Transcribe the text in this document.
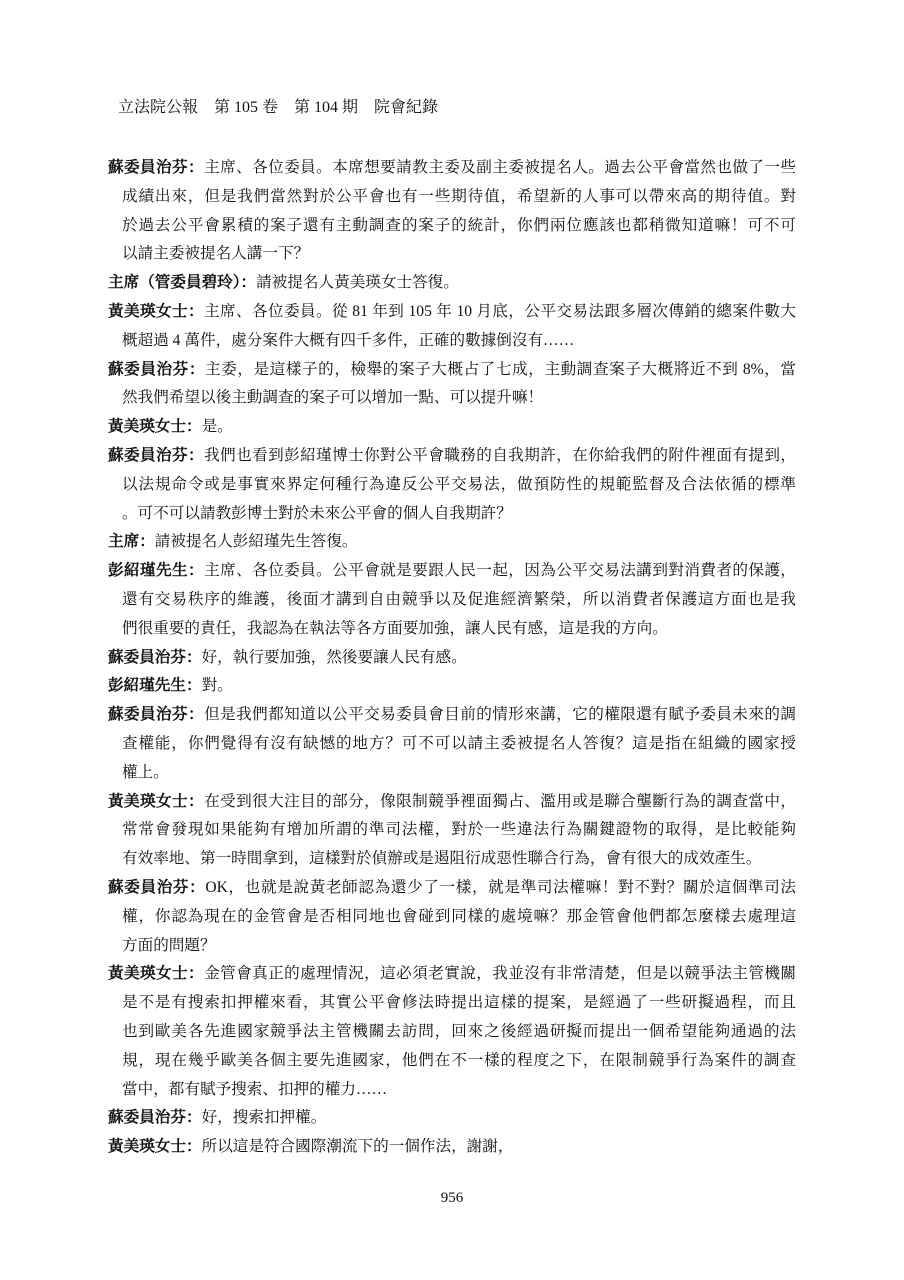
立法院公報　第 105 卷　第 104 期　院會紀錄
蘇委員治芬：主席、各位委員。本席想要請教主委及副主委被提名人。過去公平會當然也做了一些
成績出來，但是我們當然對於公平會也有一些期待值，希望新的人事可以帶來高的期待值。對
於過去公平會累積的案子還有主動調查的案子的統計，你們兩位應該也都稍微知道嘛！可不可
以請主委被提名人講一下？
主席（管委員碧玲）：請被提名人黃美瑛女士答復。
黃美瑛女士：主席、各位委員。從 81 年到 105 年 10 月底，公平交易法跟多層次傳銷的總案件數大
概超過 4 萬件，處分案件大概有四千多件，正確的數據倒沒有……
蘇委員治芬：主委，是這樣子的，檢舉的案子大概占了七成，主動調查案子大概將近不到 8%，當
然我們希望以後主動調查的案子可以增加一點、可以提升嘛！
黃美瑛女士：是。
蘇委員治芬：我們也看到彭紹瑾博士你對公平會職務的自我期許，在你給我們的附件裡面有提到，
以法規命令或是事實來界定何種行為違反公平交易法，做預防性的規範監督及合法依循的標準
。可不可以請教彭博士對於未來公平會的個人自我期許？
主席：請被提名人彭紹瑾先生答復。
彭紹瑾先生：主席、各位委員。公平會就是要跟人民一起，因為公平交易法講到對消費者的保護，
還有交易秩序的維護，後面才講到自由競爭以及促進經濟繁榮，所以消費者保護這方面也是我
們很重要的責任，我認為在執法等各方面要加強，讓人民有感，這是我的方向。
蘇委員治芬：好，執行要加強，然後要讓人民有感。
彭紹瑾先生：對。
蘇委員治芬：但是我們都知道以公平交易委員會目前的情形來講，它的權限還有賦予委員未來的調
查權能，你們覺得有沒有缺憾的地方？可不可以請主委被提名人答復？這是指在組織的國家授
權上。
黃美瑛女士：在受到很大注目的部分，像限制競爭裡面獨占、濫用或是聯合壟斷行為的調查當中，
常常會發現如果能夠有增加所謂的準司法權，對於一些違法行為關鍵證物的取得，是比較能夠
有效率地、第一時間拿到，這樣對於偵辦或是遏阻衍成惡性聯合行為，會有很大的成效產生。
蘇委員治芬：OK，也就是說黃老師認為還少了一樣，就是準司法權嘛！對不對？關於這個準司法
權，你認為現在的金管會是否相同地也會碰到同樣的處境嘛？那金管會他們都怎麼樣去處理這
方面的問題？
黃美瑛女士：金管會真正的處理情況，這必須老實說，我並沒有非常清楚，但是以競爭法主管機關
是不是有搜索扣押權來看，其實公平會修法時提出這樣的提案，是經過了一些研擬過程，而且
也到歐美各先進國家競爭法主管機關去訪問，回來之後經過研擬而提出一個希望能夠通過的法
規，現在幾乎歐美各個主要先進國家，他們在不一樣的程度之下，在限制競爭行為案件的調查
當中，都有賦予搜索、扣押的權力……
蘇委員治芬：好，搜索扣押權。
黃美瑛女士：所以這是符合國際潮流下的一個作法，謝謝，
956
